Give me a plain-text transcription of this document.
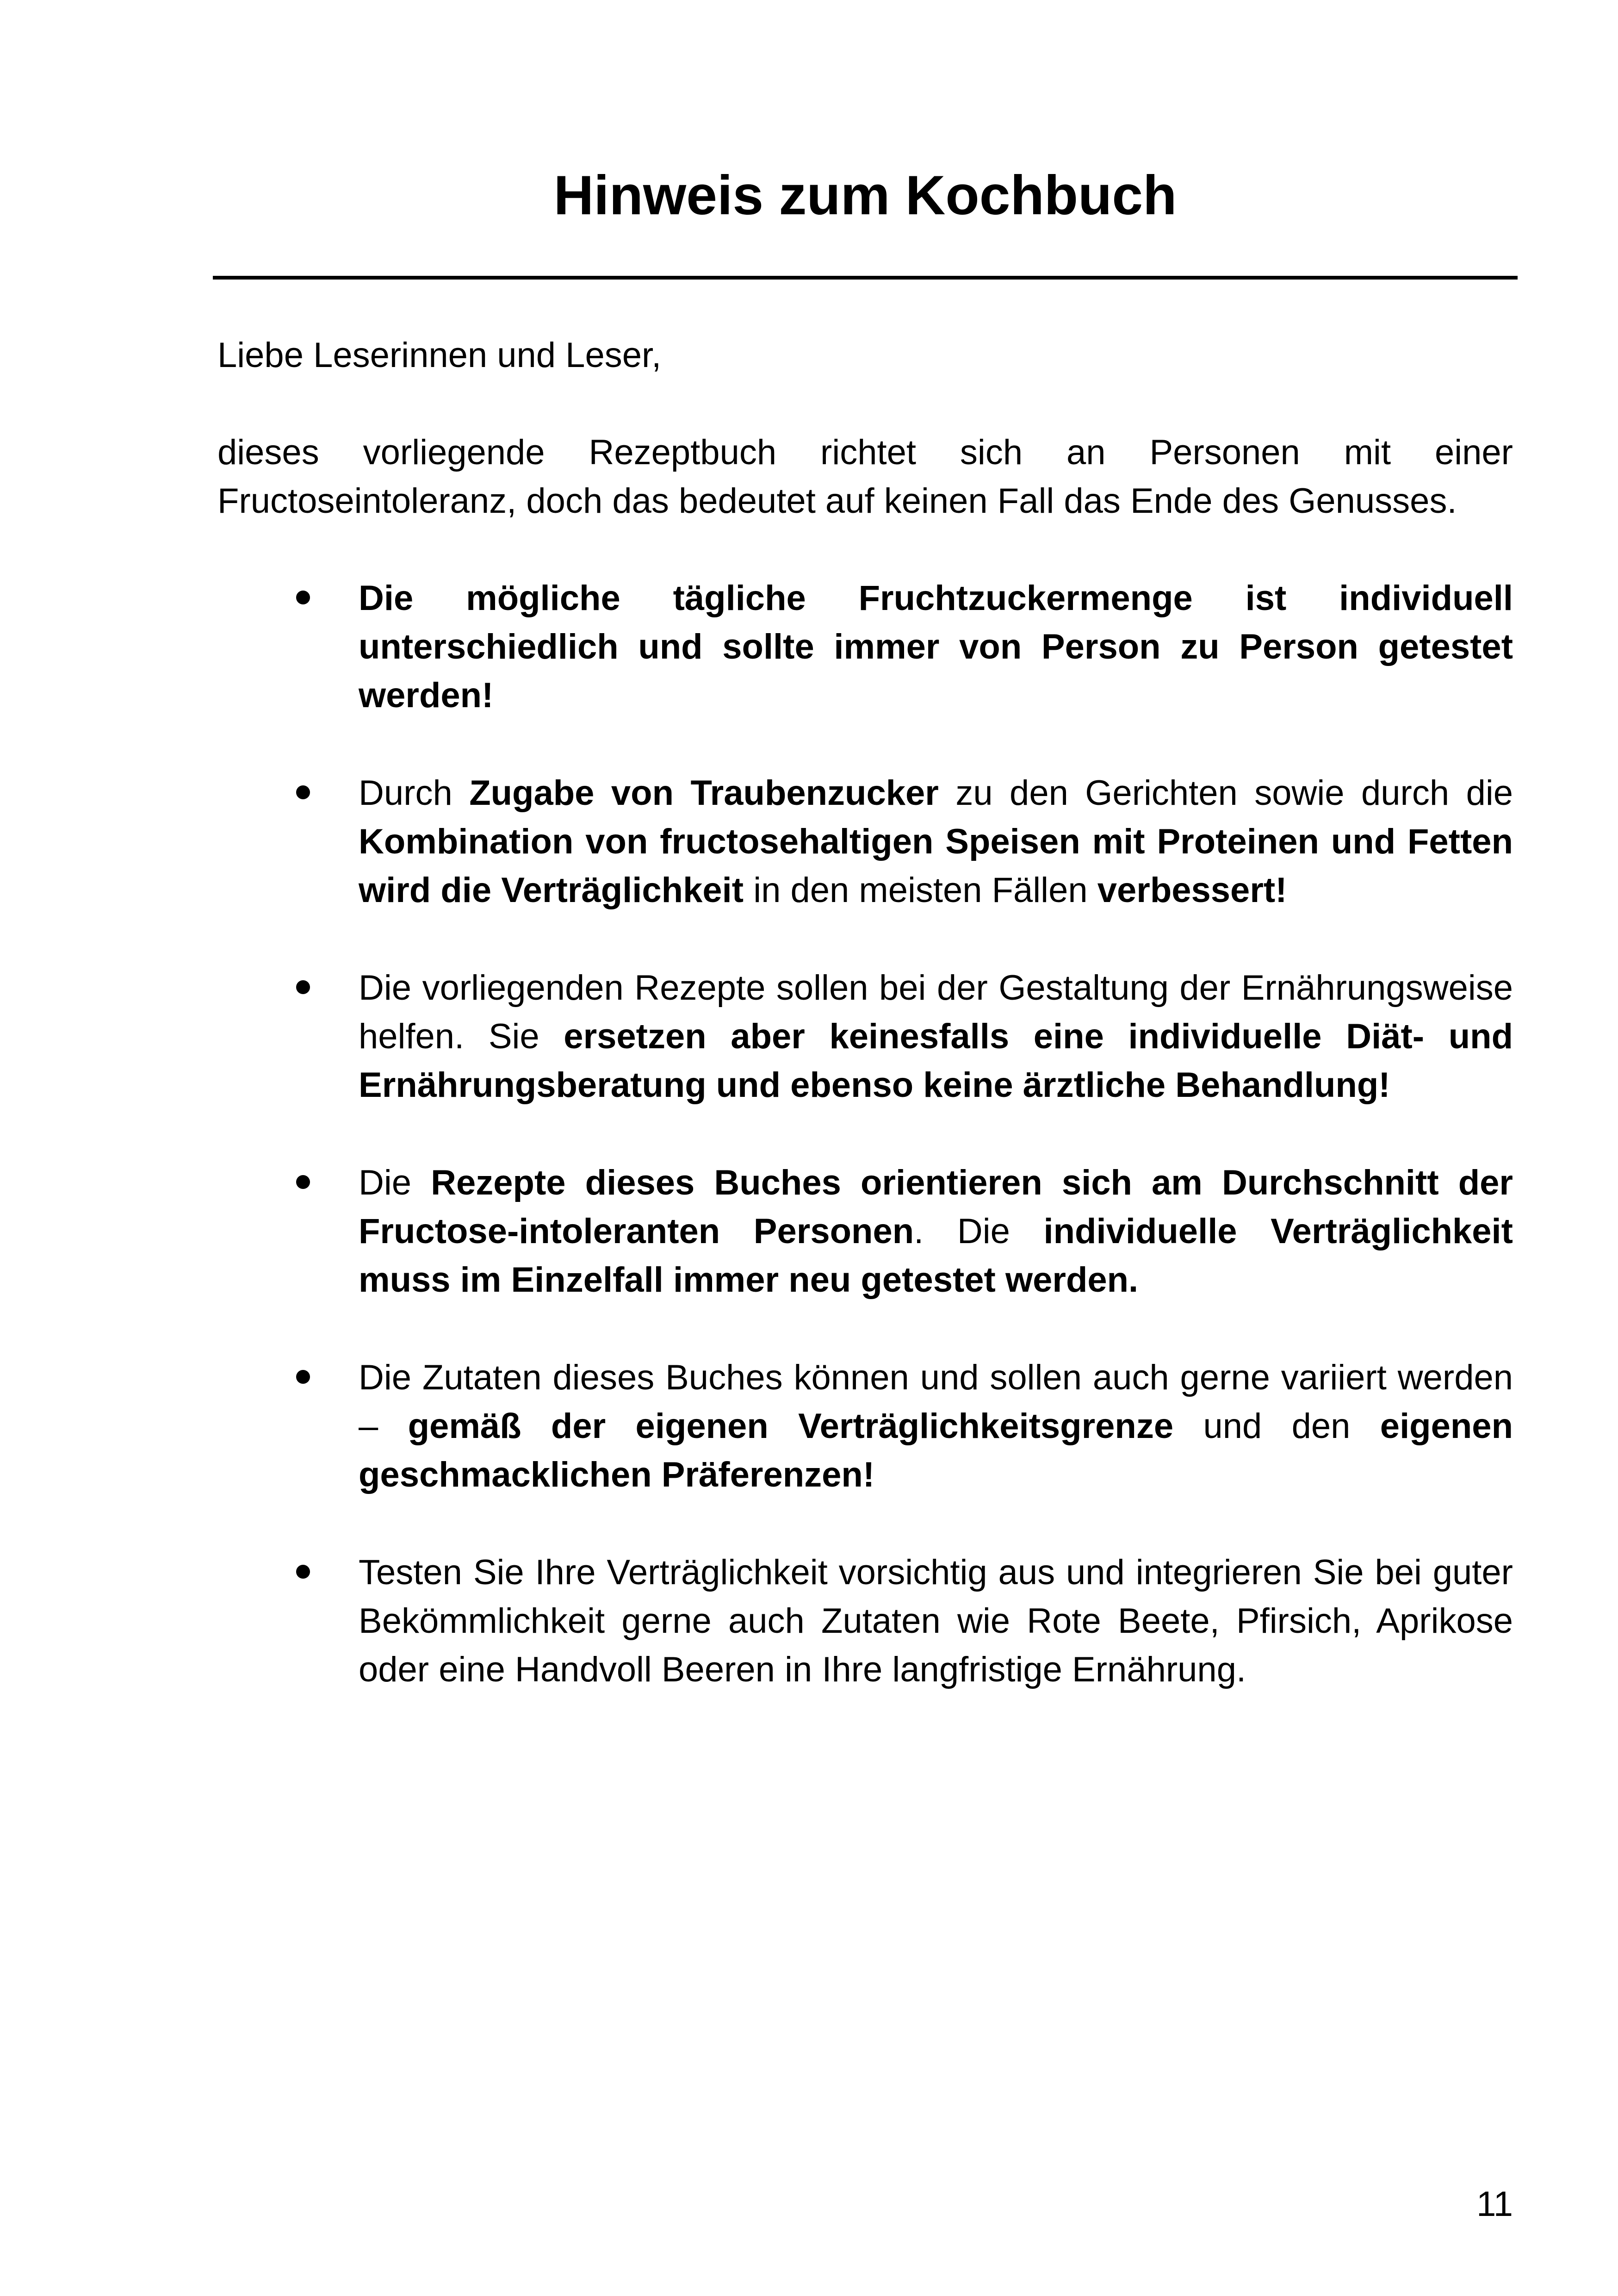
Hinweis zum Kochbuch

Liebe Leserinnen und Leser,

dieses vorliegende Rezeptbuch richtet sich an Personen mit einer Fructoseintoleranz, doch das bedeutet auf keinen Fall das Ende des Genusses.

Die mögliche tägliche Fruchtzuckermenge ist individuell unterschiedlich und sollte immer von Person zu Person getestet werden!
Durch Zugabe von Traubenzucker zu den Gerichten sowie durch die Kombination von fructosehaltigen Speisen mit Proteinen und Fetten wird die Verträglichkeit in den meisten Fällen verbessert!
Die vorliegenden Rezepte sollen bei der Gestaltung der Ernährungsweise helfen. Sie ersetzen aber keinesfalls eine individuelle Diät- und Ernährungsberatung und ebenso keine ärztliche Behandlung!
Die Rezepte dieses Buches orientieren sich am Durchschnitt der Fructose-intoleranten Personen. Die individuelle Verträglichkeit muss im Einzelfall immer neu getestet werden.
Die Zutaten dieses Buches können und sollen auch gerne variiert werden – gemäß der eigenen Verträglichkeitsgrenze und den eigenen geschmacklichen Präferenzen!
Testen Sie Ihre Verträglichkeit vorsichtig aus und integrieren Sie bei guter Bekömmlichkeit gerne auch Zutaten wie Rote Beete, Pfirsich, Aprikose oder eine Handvoll Beeren in Ihre langfristige Ernährung.
11
